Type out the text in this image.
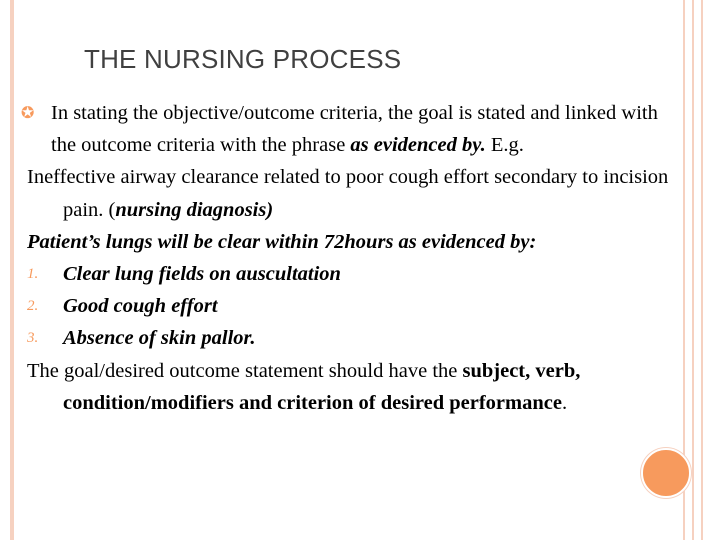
THE NURSING PROCESS

✪ In stating the objective/outcome criteria, the goal is stated and linked with the outcome criteria with the phrase as evidenced by. E.g.

Ineffective airway clearance related to poor cough effort secondary to incision pain. (nursing diagnosis)

Patient’s lungs will be clear within 72hours as evidenced by:

1.	Clear lung fields on auscultation
2.	Good cough effort
3.	Absence of skin pallor.

The goal/desired outcome statement should have the subject, verb, condition/modifiers and criterion of desired performance.
